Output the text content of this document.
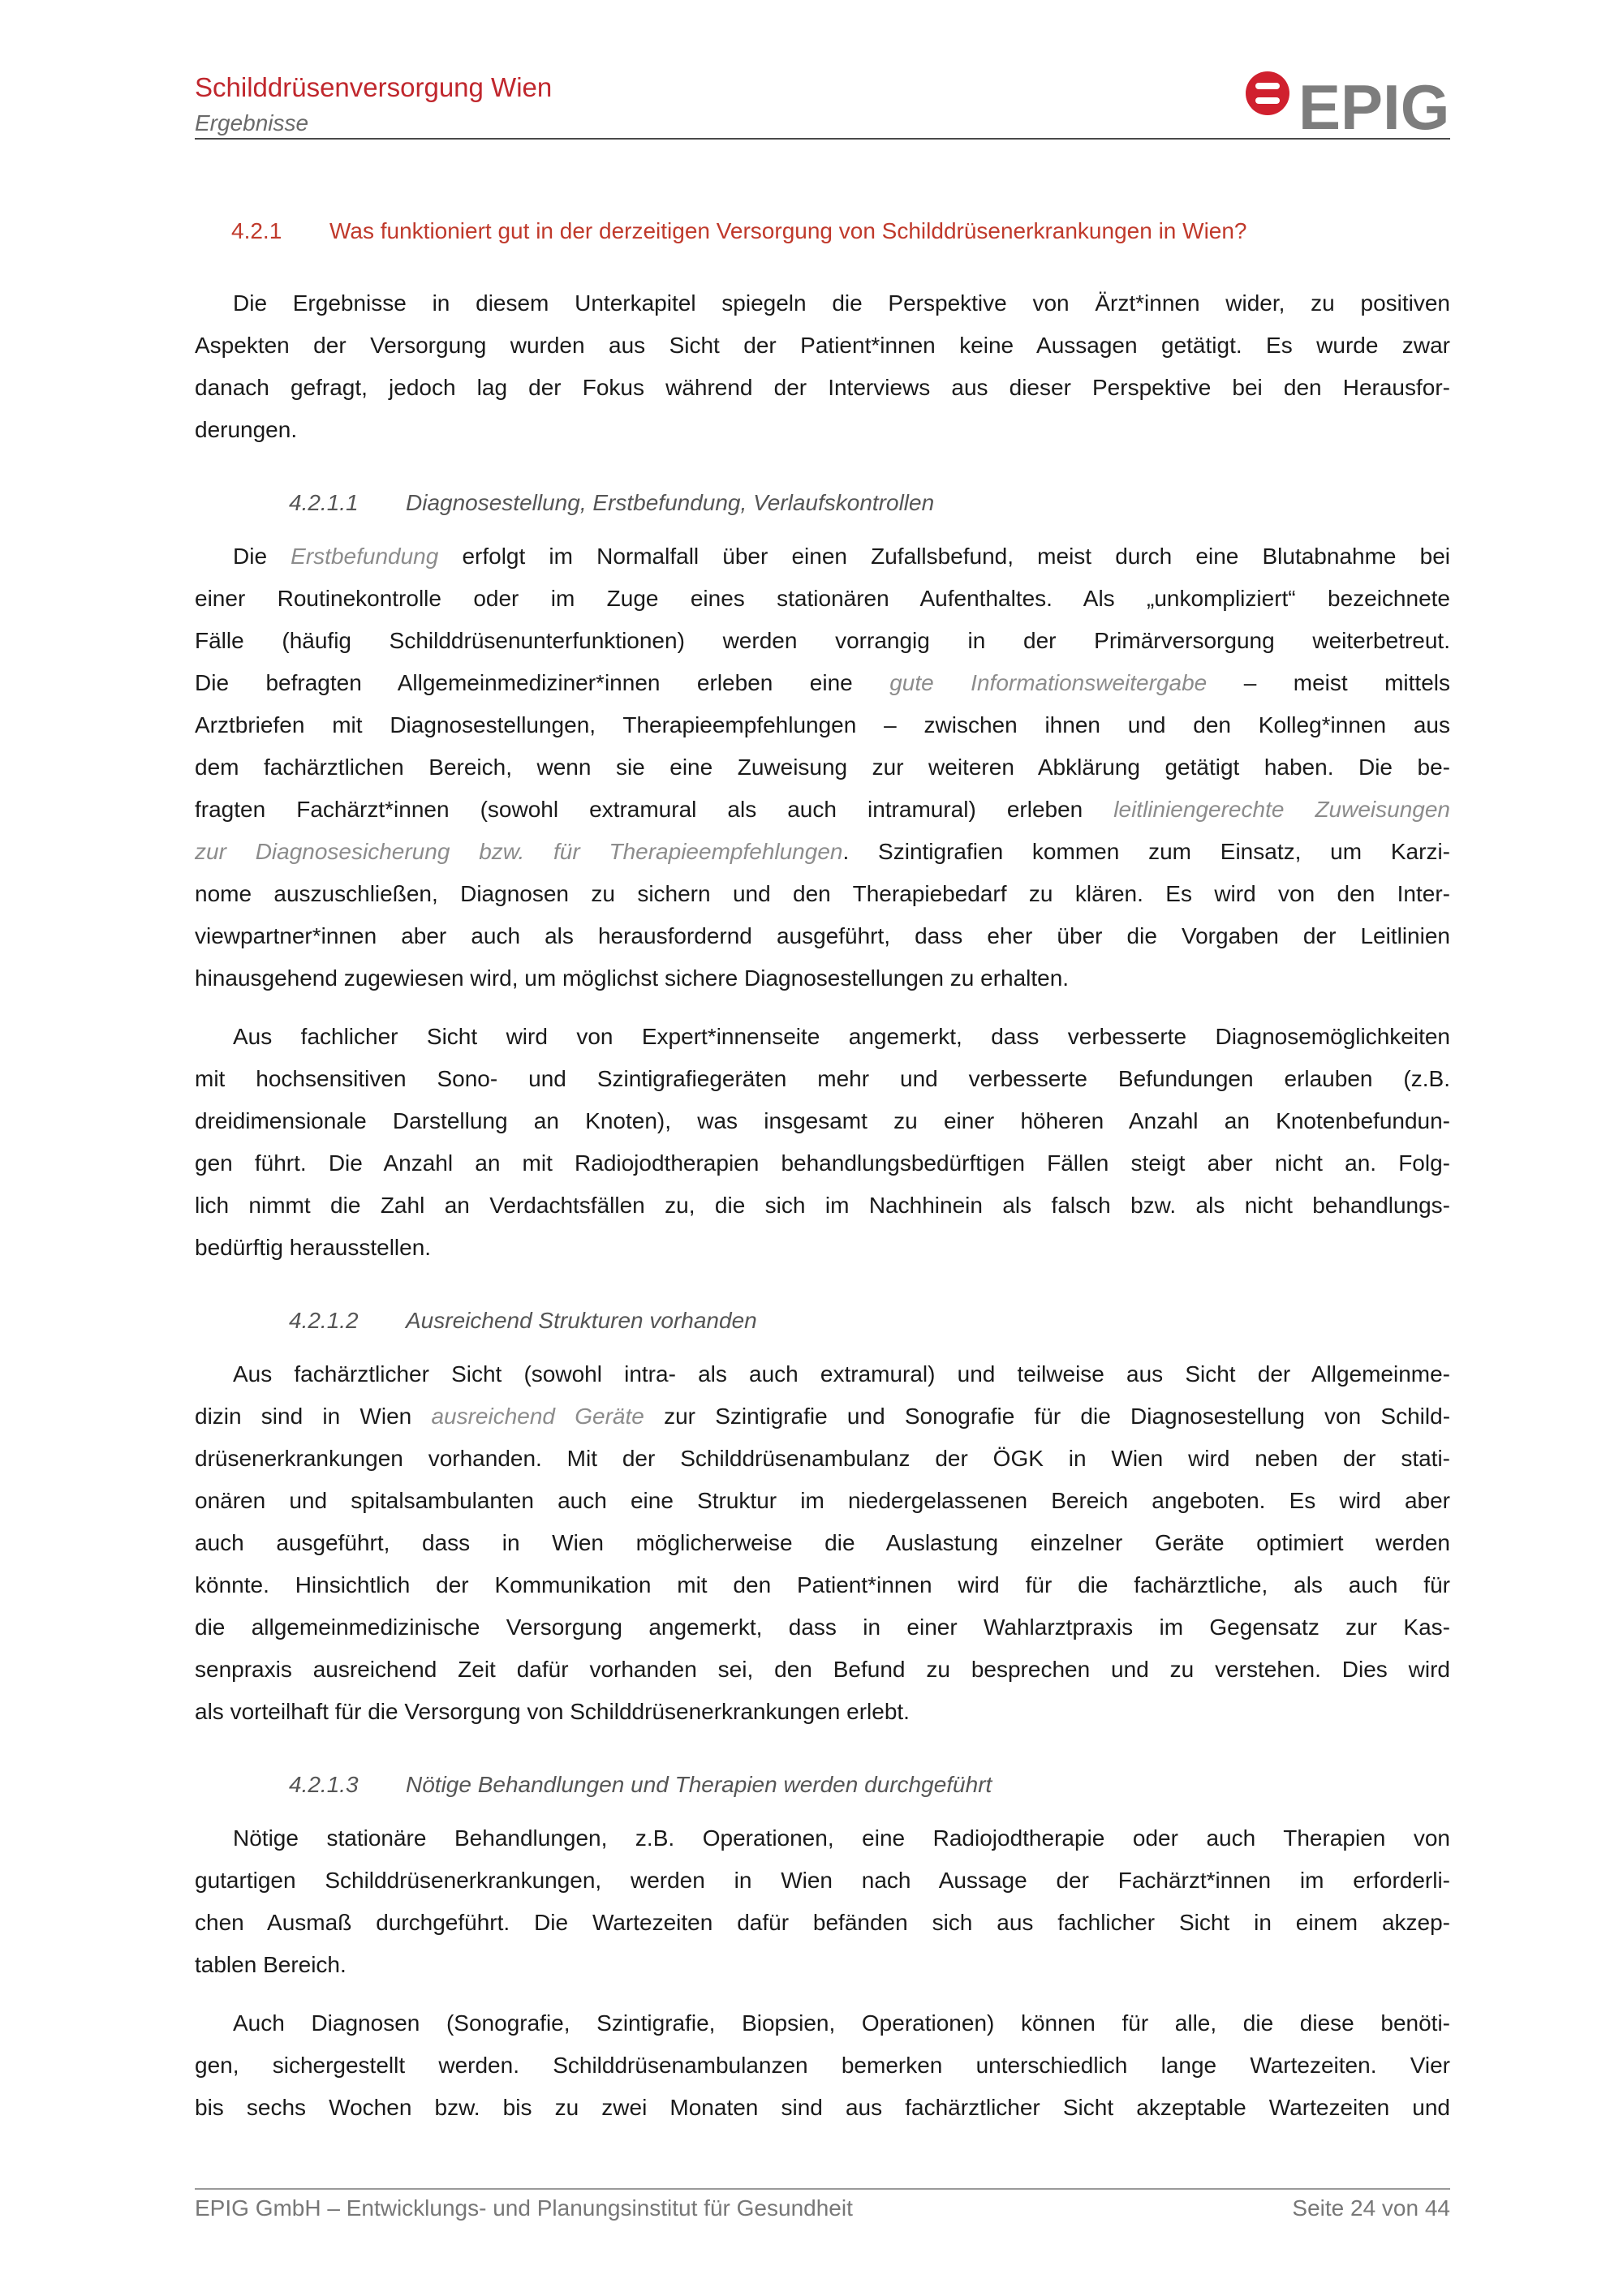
Schilddrüsenversorgung Wien
Ergebnisse	EPIG
4.2.1 Was funktioniert gut in der derzeitigen Versorgung von Schilddrüsenerkrankungen in Wien?
Die Ergebnisse in diesem Unterkapitel spiegeln die Perspektive von Ärzt*innen wider, zu positiven
Aspekten der Versorgung wurden aus Sicht der Patient*innen keine Aussagen getätigt. Es wurde zwar
danach gefragt, jedoch lag der Fokus während der Interviews aus dieser Perspektive bei den Herausfor-
derungen.
4.2.1.1 Diagnosestellung, Erstbefundung, Verlaufskontrollen
Die Erstbefundung erfolgt im Normalfall über einen Zufallsbefund, meist durch eine Blutabnahme bei
einer Routinekontrolle oder im Zuge eines stationären Aufenthaltes. Als „unkompliziert“ bezeichnete
Fälle (häufig Schilddrüsenunterfunktionen) werden vorrangig in der Primärversorgung weiterbetreut.
Die befragten Allgemeinmediziner*innen erleben eine gute Informationsweitergabe – meist mittels
Arztbriefen mit Diagnosestellungen, Therapieempfehlungen – zwischen ihnen und den Kolleg*innen aus
dem fachärztlichen Bereich, wenn sie eine Zuweisung zur weiteren Abklärung getätigt haben. Die be-
fragten Fachärzt*innen (sowohl extramural als auch intramural) erleben leitliniengerechte Zuweisungen
zur Diagnosesicherung bzw. für Therapieempfehlungen. Szintigrafien kommen zum Einsatz, um Karzi-
nome auszuschließen, Diagnosen zu sichern und den Therapiebedarf zu klären. Es wird von den Inter-
viewpartner*innen aber auch als herausfordernd ausgeführt, dass eher über die Vorgaben der Leitlinien
hinausgehend zugewiesen wird, um möglichst sichere Diagnosestellungen zu erhalten.
Aus fachlicher Sicht wird von Expert*innenseite angemerkt, dass verbesserte Diagnosemöglichkeiten
mit hochsensitiven Sono- und Szintigrafiegeräten mehr und verbesserte Befundungen erlauben (z.B.
dreidimensionale Darstellung an Knoten), was insgesamt zu einer höheren Anzahl an Knotenbefundun-
gen führt. Die Anzahl an mit Radiojodtherapien behandlungsbedürftigen Fällen steigt aber nicht an. Folg-
lich nimmt die Zahl an Verdachtsfällen zu, die sich im Nachhinein als falsch bzw. als nicht behandlungs-
bedürftig herausstellen.
4.2.1.2 Ausreichend Strukturen vorhanden
Aus fachärztlicher Sicht (sowohl intra- als auch extramural) und teilweise aus Sicht der Allgemeinme-
dizin sind in Wien ausreichend Geräte zur Szintigrafie und Sonografie für die Diagnosestellung von Schild-
drüsenerkrankungen vorhanden. Mit der Schilddrüsenambulanz der ÖGK in Wien wird neben der stati-
onären und spitalsambulanten auch eine Struktur im niedergelassenen Bereich angeboten. Es wird aber
auch ausgeführt, dass in Wien möglicherweise die Auslastung einzelner Geräte optimiert werden
könnte. Hinsichtlich der Kommunikation mit den Patient*innen wird für die fachärztliche, als auch für
die allgemeinmedizinische Versorgung angemerkt, dass in einer Wahlarztpraxis im Gegensatz zur Kas-
senpraxis ausreichend Zeit dafür vorhanden sei, den Befund zu besprechen und zu verstehen. Dies wird
als vorteilhaft für die Versorgung von Schilddrüsenerkrankungen erlebt.
4.2.1.3 Nötige Behandlungen und Therapien werden durchgeführt
Nötige stationäre Behandlungen, z.B. Operationen, eine Radiojodtherapie oder auch Therapien von
gutartigen Schilddrüsenerkrankungen, werden in Wien nach Aussage der Fachärzt*innen im erforderli-
chen Ausmaß durchgeführt. Die Wartezeiten dafür befänden sich aus fachlicher Sicht in einem akzep-
tablen Bereich.
Auch Diagnosen (Sonografie, Szintigrafie, Biopsien, Operationen) können für alle, die diese benöti-
gen, sichergestellt werden. Schilddrüsenambulanzen bemerken unterschiedlich lange Wartezeiten. Vier
bis sechs Wochen bzw. bis zu zwei Monaten sind aus fachärztlicher Sicht akzeptable Wartezeiten und
EPIG GmbH – Entwicklungs- und Planungsinstitut für Gesundheit	Seite 24 von 44
